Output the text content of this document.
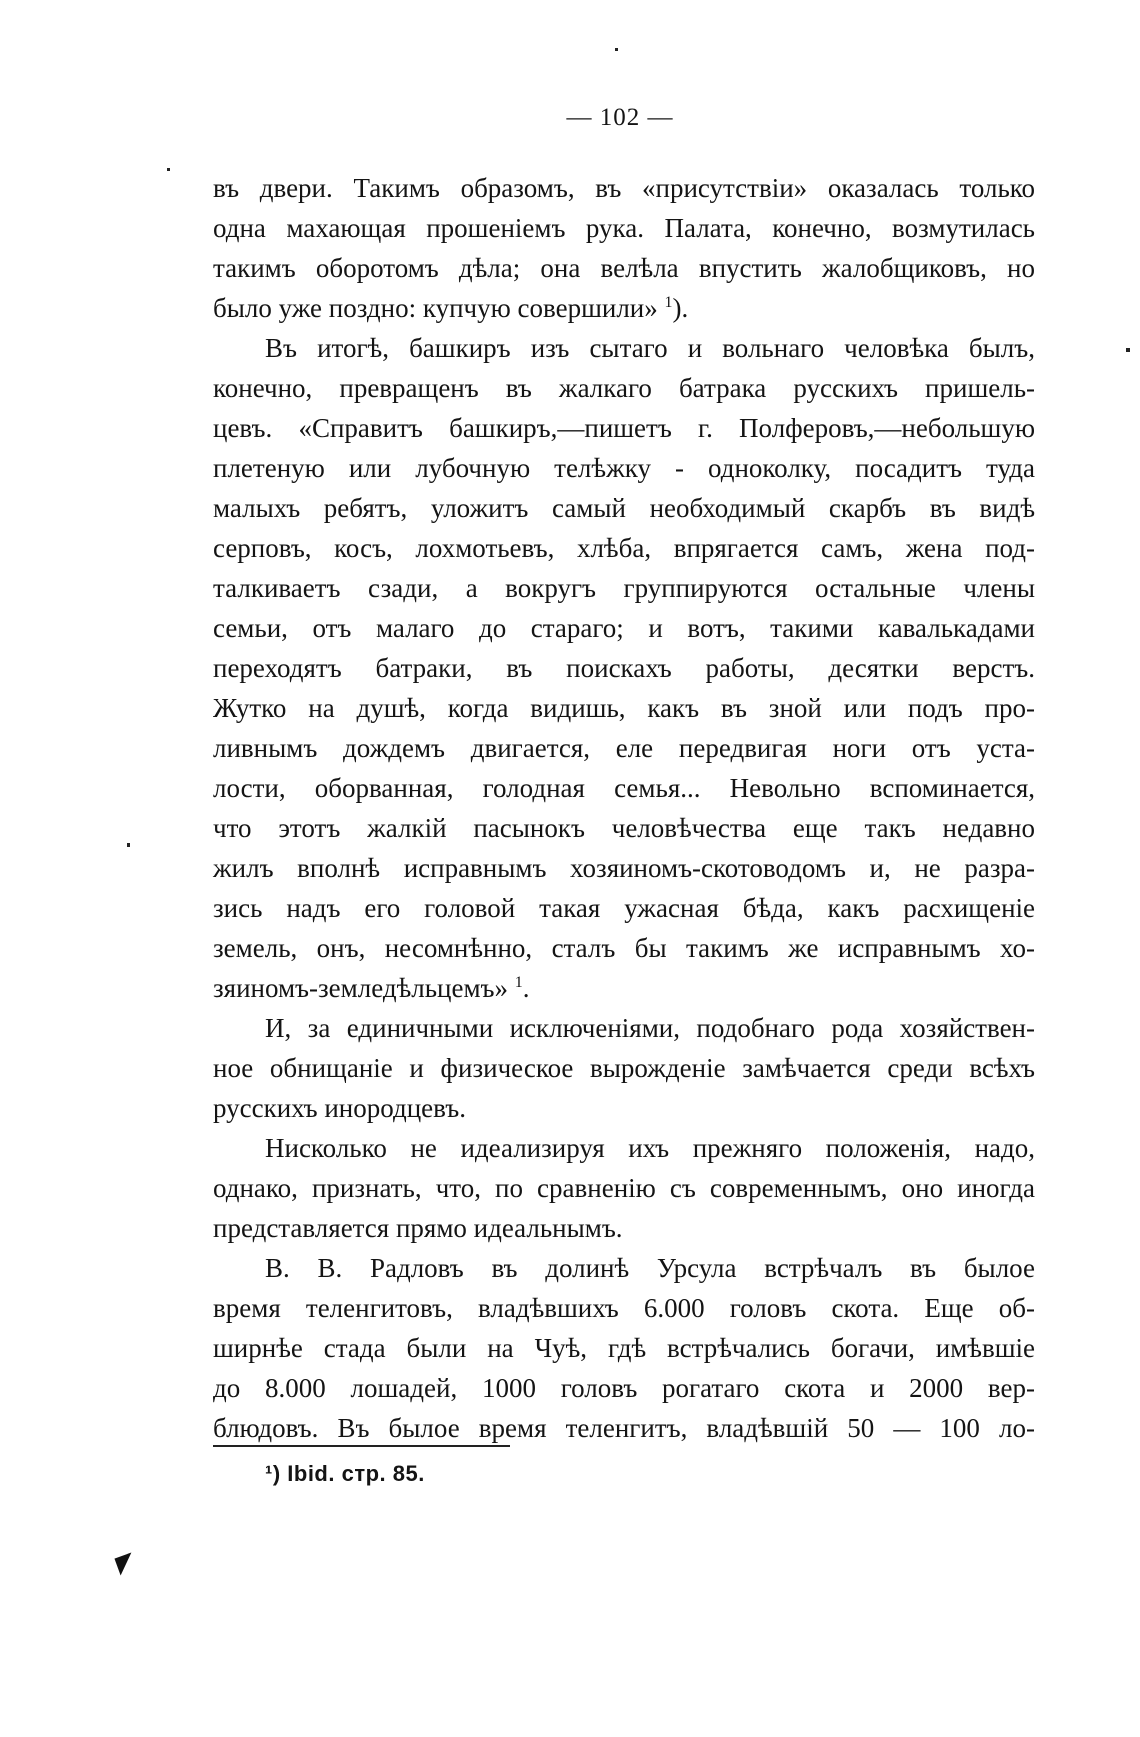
— 102 —
въ двери. Такимъ образомъ, въ «присутствiи» оказалась только
одна махающая прошенiемъ рука. Палата, конечно, возмутилась
такимъ оборотомъ дѣла; она велѣла впустить жалобщиковъ, но
было уже поздно: купчую совершили» $^1$).
Въ итогѣ, башкиръ изъ сытаго и вольнаго человѣка былъ,
конечно, превращенъ въ жалкаго батрака русскихъ пришель-
цевъ. «Справитъ башкиръ,—пишетъ г. Полферовъ,—небольшую
плетеную или лубочную телѣжку - одноколку, посадитъ туда
малыхъ ребятъ, уложитъ самый необходимый скарбъ въ видѣ
серповъ, косъ, лохмотьевъ, хлѣба, впрягается самъ, жена под-
талкиваетъ сзади, а вокругъ группируются остальные члены
семьи, отъ малаго до стараго; и вотъ, такими кавалькадами
переходятъ батраки, въ поискахъ работы, десятки верстъ.
Жутко на душѣ, когда видишь, какъ въ зной или подъ про-
ливнымъ дождемъ двигается, еле передвигая ноги отъ уста-
лости, оборванная, голодная семья... Невольно вспоминается,
что этотъ жалкiй пасынокъ человѣчества еще такъ недавно
жилъ вполнѣ исправнымъ хозяиномъ-скотоводомъ и, не разра-
зись надъ его головой такая ужасная бѣда, какъ расхищенiе
земель, онъ, несомнѣнно, сталъ бы такимъ же исправнымъ хо-
зяиномъ-земледѣльцемъ» $^1$.
И, за единичными исключенiями, подобнаго рода хозяйствен-
ное обнищанiе и физическое вырожденiе замѣчается среди всѣхъ
русскихъ инородцевъ.
Нисколько не идеализируя ихъ прежняго положенiя, надо,
однако, признать, что, по сравненiю съ современнымъ, оно иногда
представляется прямо идеальнымъ.
В. В. Радловъ въ долинѣ Урсула встрѣчалъ въ былое
время теленгитовъ, владѣвшихъ 6.000 головъ скота. Еще об-
ширнѣе стада были на Чуѣ, гдѣ встрѣчались богачи, имѣвшiе
до 8.000 лошадей, 1000 головъ рогатаго скота и 2000 вер-
блюдовъ. Въ былое время теленгитъ, владѣвшiй 50 — 100 ло-
¹) Ibid. стр. 85.
